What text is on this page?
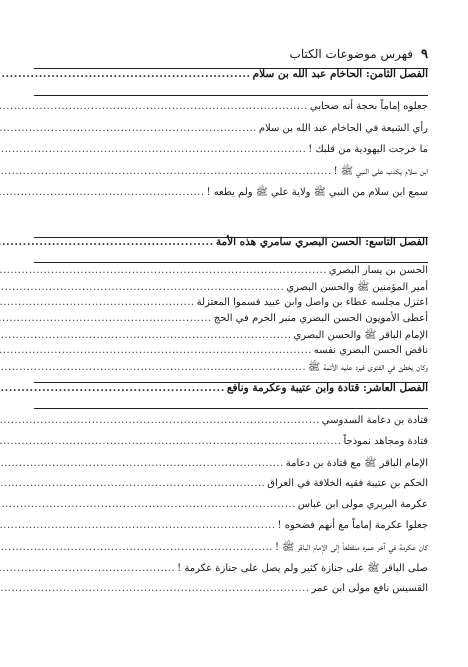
٩
فهرس موضوعات الكتاب
الفصل الثامن: الحاخام عبد الله بن سلام
.....
جعلوه إماماً بحجة أنه صحابي
.....
رأي الشيعة في الحاخام عبد الله بن سلام
.....
ما خرجت اليهودية من قلبك !
.....
ابن سلام يكذب على النبي ﷺ !
.....
سمع ابن سلام من النبي ﷺ ولاية علي ﷺ ولم يطعه !
.....
الفصل التاسع: الحسن البصري سامري هذه الأمة
.....
الحسن بن يسار البصري
.....
أمير المؤمنين ﷺ والحسن البصري
.....
اعتزل مجلسه عطاء بن واصل وابن عبيد فسموا المعتزلة
.....
أعطى الأمويون الحسن البصري منبر الحرم في الحج
.....
الإمام الباقر ﷺ والحسن البصري
.....
ناقض الحسن البصري نفسه
.....
وكان يخطئ في الفتوى فيرد عليه الأئمة ﷺ
.....
الفصل العاشر: قتادة وابن عتيبة وعكرمة ونافع
.....
قتادة بن دعامة السدوسي
.....
قتادة ومجاهد نموذجاً
.....
الإمام الباقر ﷺ مع قتادة بن دعامة
.....
الحكم بن عتيبة فقيه الخلافة في العراق
.....
عكرمة البربري مولى ابن عباس
.....
جعلوا عكرمة إماماً مع أنهم فضحوه !
.....
كان عكرمة في آخر عمره منقطعاً إلى الإمام الباقر ﷺ !
.....
صلى الباقر ﷺ على جنازة كثير ولم يصل على جنازة عكرمة !
.....
القسيس نافع مولى ابن عمر
.....
